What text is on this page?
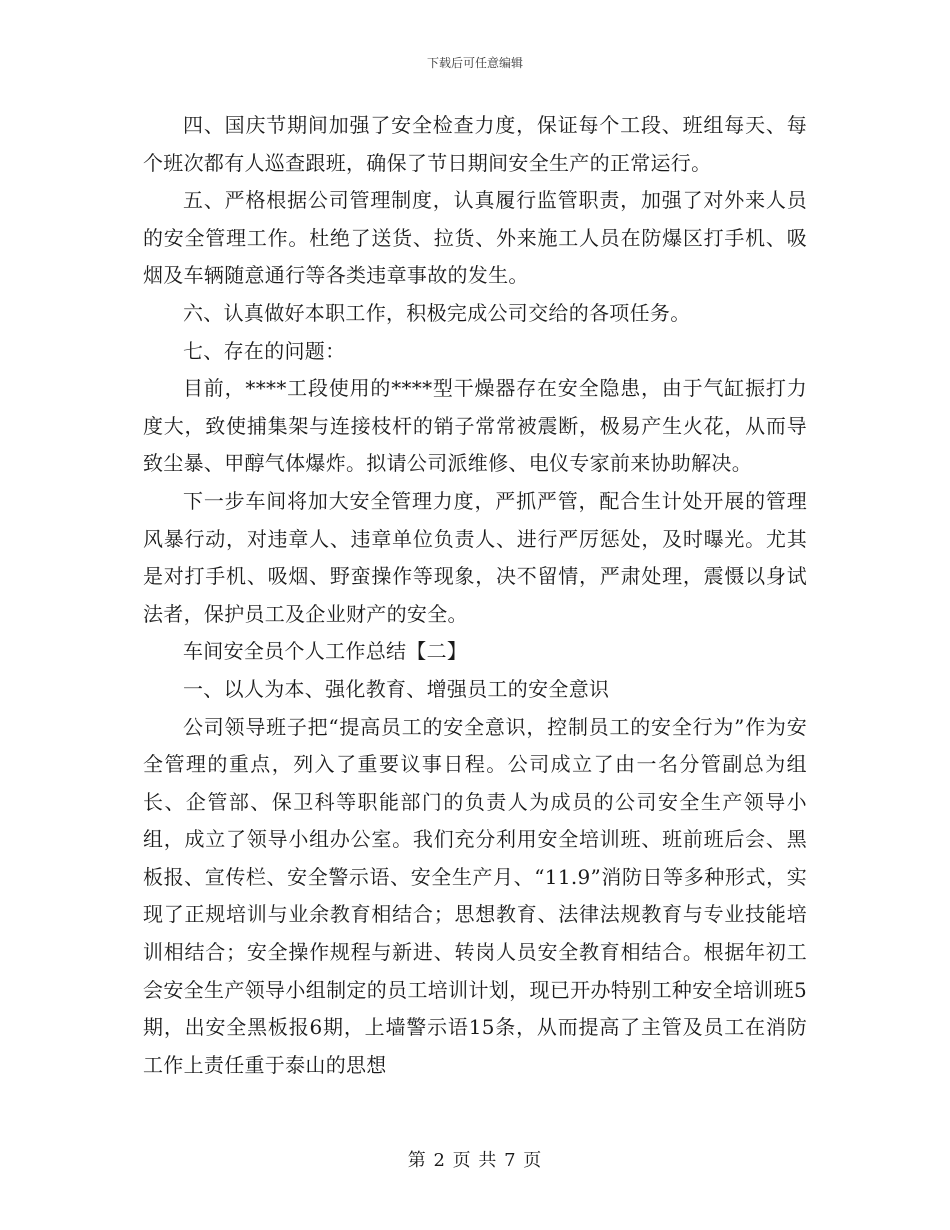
下载后可任意编辑

四、国庆节期间加强了安全检查力度，保证每个工段、班组每天、每个班次都有人巡查跟班，确保了节日期间安全生产的正常运行。

五、严格根据公司管理制度，认真履行监管职责，加强了对外来人员的安全管理工作。杜绝了送货、拉货、外来施工人员在防爆区打手机、吸烟及车辆随意通行等各类违章事故的发生。

六、认真做好本职工作，积极完成公司交给的各项任务。

七、存在的问题：

目前，****工段使用的****型干燥器存在安全隐患，由于气缸振打力度大，致使捕集架与连接枝杆的销子常常被震断，极易产生火花，从而导致尘暴、甲醇气体爆炸。拟请公司派维修、电仪专家前来协助解决。

下一步车间将加大安全管理力度，严抓严管，配合生计处开展的管理风暴行动，对违章人、违章单位负责人、进行严厉惩处，及时曝光。尤其是对打手机、吸烟、野蛮操作等现象，决不留情，严肃处理，震慑以身试法者，保护员工及企业财产的安全。

车间安全员个人工作总结【二】

一、以人为本、强化教育、增强员工的安全意识

公司领导班子把“提高员工的安全意识，控制员工的安全行为”作为安全管理的重点，列入了重要议事日程。公司成立了由一名分管副总为组长、企管部、保卫科等职能部门的负责人为成员的公司安全生产领导小组，成立了领导小组办公室。我们充分利用安全培训班、班前班后会、黑板报、宣传栏、安全警示语、安全生产月、“11.9”消防日等多种形式，实现了正规培训与业余教育相结合；思想教育、法律法规教育与专业技能培训相结合；安全操作规程与新进、转岗人员安全教育相结合。根据年初工会安全生产领导小组制定的员工培训计划，现已开办特别工种安全培训班5期，出安全黑板报6期，上墙警示语15条，从而提高了主管及员工在消防工作上责任重于泰山的思想

第 2 页 共 7 页
